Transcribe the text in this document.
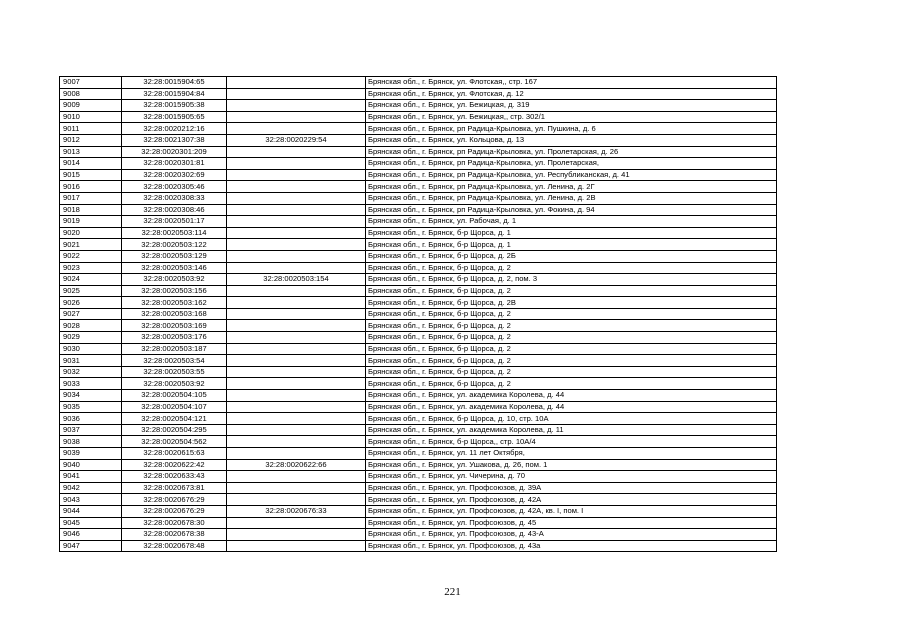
9007	32:28:0015904:65		Брянская обл., г. Брянск, ул. Флотская,, стр. 167
9008	32:28:0015904:84		Брянская обл., г. Брянск, ул. Флотская, д. 12
9009	32:28:0015905:38		Брянская обл., г. Брянск, ул. Бежицкая, д. 319
9010	32:28:0015905:65		Брянская обл., г. Брянск, ул. Бежицкая,, стр. 302/1
9011	32:28:0020212:16		Брянская обл., г. Брянск, рп Радица-Крыловка, ул. Пушкина, д. 6
9012	32:28:0021307:38	32:28:0020229:54	Брянская обл., г. Брянск, ул. Кольцова, д. 13
9013	32:28:0020301:209		Брянская обл., г. Брянск, рп Радица-Крыловка, ул. Пролетарская, д. 26
9014	32:28:0020301:81		Брянская обл., г. Брянск, рп Радица-Крыловка, ул. Пролетарская,
9015	32:28:0020302:69		Брянская обл., г. Брянск, рп Радица-Крыловка, ул. Республиканская, д. 41
9016	32:28:0020305:46		Брянская обл., г. Брянск, рп Радица-Крыловка, ул. Ленина, д. 2Г
9017	32:28:0020308:33		Брянская обл., г. Брянск, рп Радица-Крыловка, ул. Ленина, д. 2В
9018	32:28:0020308:46		Брянская обл., г. Брянск, рп Радица-Крыловка, ул. Фокина, д. 94
9019	32:28:0020501:17		Брянская обл., г. Брянск, ул. Рабочая, д. 1
9020	32:28:0020503:114		Брянская обл., г. Брянск, б-р Щорса, д. 1
9021	32:28:0020503:122		Брянская обл., г. Брянск, б-р Щорса, д. 1
9022	32:28:0020503:129		Брянская обл., г. Брянск, б-р Щорса, д. 2Б
9023	32:28:0020503:146		Брянская обл., г. Брянск, б-р Щорса, д. 2
9024	32:28:0020503:92	32:28:0020503:154	Брянская обл., г. Брянск, б-р Щорса, д. 2, пом. 3
9025	32:28:0020503:156		Брянская обл., г. Брянск, б-р Щорса, д. 2
9026	32:28:0020503:162		Брянская обл., г. Брянск, б-р Щорса, д. 2В
9027	32:28:0020503:168		Брянская обл., г. Брянск, б-р Щорса, д. 2
9028	32:28:0020503:169		Брянская обл., г. Брянск, б-р Щорса, д. 2
9029	32:28:0020503:176		Брянская обл., г. Брянск, б-р Щорса, д. 2
9030	32:28:0020503:187		Брянская обл., г. Брянск, б-р Щорса, д. 2
9031	32:28:0020503:54		Брянская обл., г. Брянск, б-р Щорса, д. 2
9032	32:28:0020503:55		Брянская обл., г. Брянск, б-р Щорса, д. 2
9033	32:28:0020503:92		Брянская обл., г. Брянск, б-р Щорса, д. 2
9034	32:28:0020504:105		Брянская обл., г. Брянск, ул. академика Королева, д. 44
9035	32:28:0020504:107		Брянская обл., г. Брянск, ул. академика Королева, д. 44
9036	32:28:0020504:121		Брянская обл., г. Брянск, б-р Щорса, д. 10, стр. 10А
9037	32:28:0020504:295		Брянская обл., г. Брянск, ул. академика Королева, д. 11
9038	32:28:0020504:562		Брянская обл., г. Брянск, б-р Щорса,, стр. 10А/4
9039	32:28:0020615:63		Брянская обл., г. Брянск, ул. 11 лет Октября,
9040	32:28:0020622:42	32:28:0020622:66	Брянская обл., г. Брянск, ул. Ушакова, д. 26, пом. 1
9041	32:28:0020633:43		Брянская обл., г. Брянск, ул. Чичерина, д. 70
9042	32:28:0020673:81		Брянская обл., г. Брянск, ул. Профсоюзов, д. 39А
9043	32:28:0020676:29		Брянская обл., г. Брянск, ул. Профсоюзов, д. 42А
9044	32:28:0020676:29	32:28:0020676:33	Брянская обл., г. Брянск, ул. Профсоюзов, д. 42А, кв. I, пом. I
9045	32:28:0020678:30		Брянская обл., г. Брянск, ул. Профсоюзов, д. 45
9046	32:28:0020678:38		Брянская обл., г. Брянск, ул. Профсоюзов, д. 43-А
9047	32:28:0020678:48		Брянская обл., г. Брянск, ул. Профсоюзов, д. 43а
221
